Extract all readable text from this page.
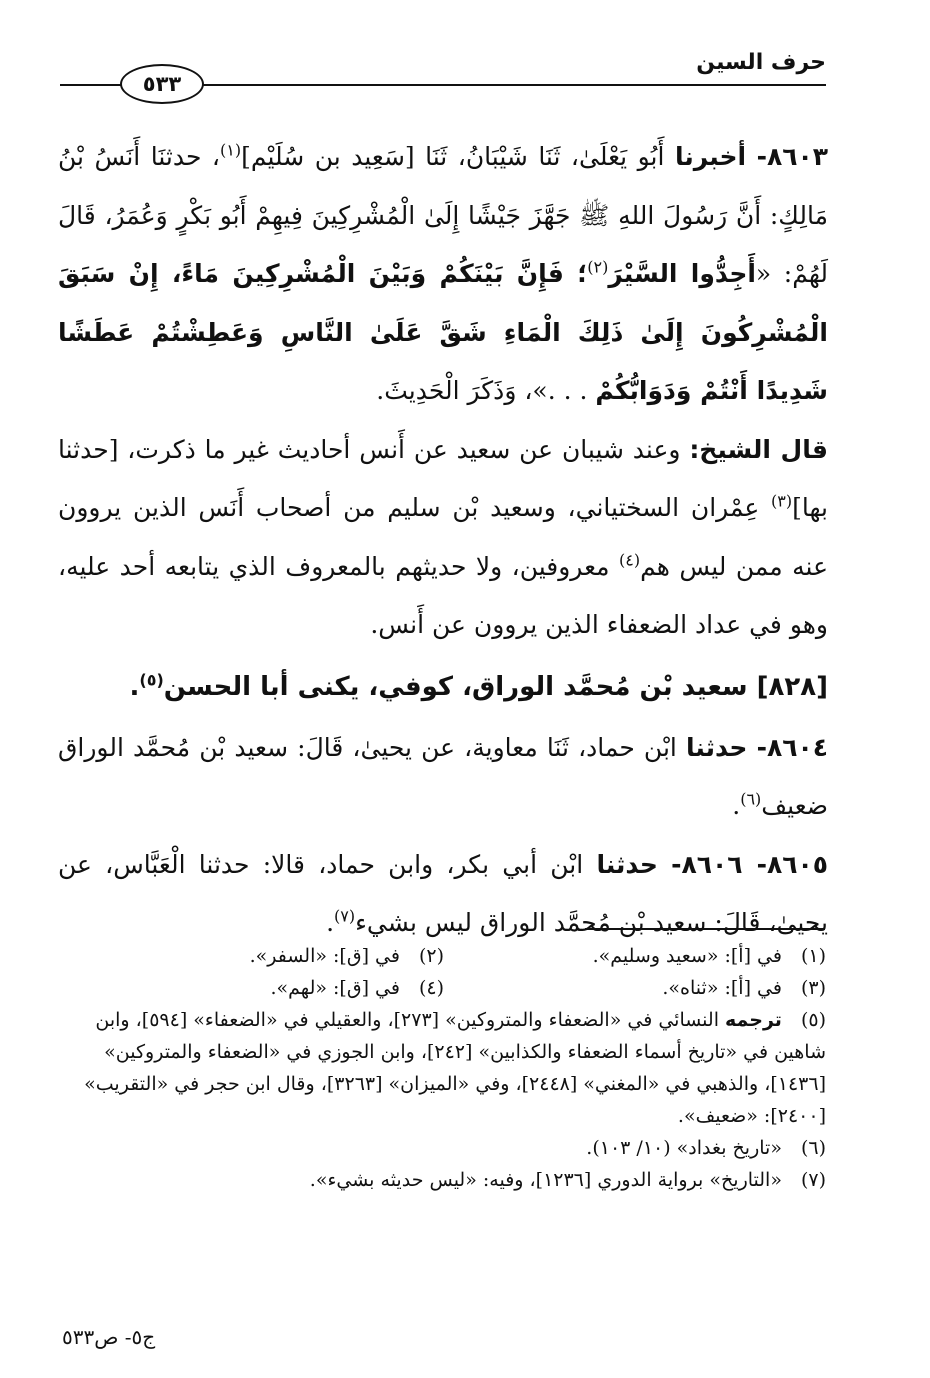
حرف السين
٥٣٣

٨٦٠٣- أخبرنا أَبُو يَعْلَىٰ، ثَنَا شَيْبَانُ، ثَنَا [سَعِيد بن سُلَيْم]$^{(١)}$، حدثنَا أَنَسُ بْنُ مَالِكٍ: أَنَّ رَسُولَ اللهِ ﷺ جَهَّزَ جَيْشًا إِلَىٰ الْمُشْرِكِينَ فِيهِمْ أَبُو بَكْرٍ وَعُمَرُ، قَالَ لَهُمْ: «أَجِدُّوا السَّيْرَ$^{(٢)}$؛ فَإِنَّ بَيْنَكُمْ وَبَيْنَ الْمُشْرِكِينَ مَاءً، إِنْ سَبَقَ الْمُشْرِكُونَ إِلَىٰ ذَلِكَ الْمَاءِ شَقَّ عَلَىٰ النَّاسِ وَعَطِشْتُمْ عَطَشًا شَدِيدًا أَنْتُمْ وَدَوَابُّكُمْ . . .»، وَذَكَرَ الْحَدِيثَ.

قال الشيخ: وعند شيبان عن سعيد عن أَنس أحاديث غير ما ذكرت، [حدثنا بها]$^{(٣)}$ عِمْران السختياني، وسعيد بْن سليم من أصحاب أَنَس الذين يروون عنه ممن ليس هم$^{(٤)}$ معروفين، ولا حديثهم بالمعروف الذي يتابعه أحد عليه، وهو في عداد الضعفاء الذين يروون عن أَنس.

[٨٢٨] سعيد بْن مُحمَّد الوراق، كوفي، يكنى أبا الحسن$^{(٥)}$.

٨٦٠٤- حدثنا ابْن حماد، ثَنَا معاوية، عن يحيىٰ، قَالَ: سعيد بْن مُحمَّد الوراق ضعيف$^{(٦)}$.

٨٦٠٥- ٨٦٠٦- حدثنا ابْن أبي بكر، وابن حماد، قالا: حدثنا الْعَبَّاس، عن يحيىٰ، قَالَ: سعيد بْن مُحمَّد الوراق ليس بشيء$^{(٧)}$.

(١) في [أ]: «سعيد وسليم».
(٢) في [ق]: «السفر».
(٣) في [أ]: «ثناه».
(٤) في [ق]: «لهم».

(٥) ترجمه النسائي في «الضعفاء والمتروكين» [٢٧٣]، والعقيلي في «الضعفاء» [٥٩٤]، وابن شاهين في «تاريخ أسماء الضعفاء والكذابين» [٢٤٢]، وابن الجوزي في «الضعفاء والمتروكين» [١٤٣٦]، والذهبي في «المغني» [٢٤٤٨]، وفي «الميزان» [٣٢٦٣]، وقال ابن حجر في «التقريب» [٢٤٠٠]: «ضعيف».

(٦) «تاريخ بغداد» (١٠/ ١٠٣).

(٧) «التاريخ» برواية الدوري [١٢٣٦]، وفيه: «ليس حديثه بشيء».

ج٥- ص٥٣٣
